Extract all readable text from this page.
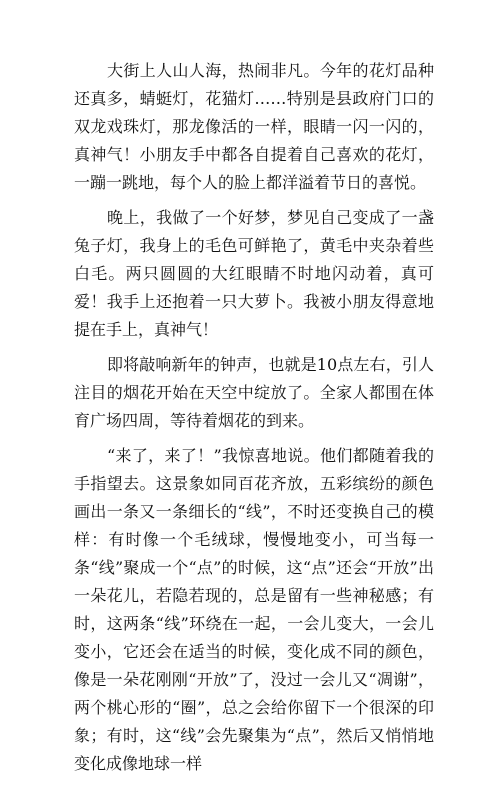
大街上人山人海，热闹非凡。今年的花灯品种还真多，蜻蜓灯，花猫灯……特别是县政府门口的双龙戏珠灯，那龙像活的一样，眼睛一闪一闪的，真神气！小朋友手中都各自提着自己喜欢的花灯，一蹦一跳地，每个人的脸上都洋溢着节日的喜悦。

晚上，我做了一个好梦，梦见自己变成了一盏兔子灯，我身上的毛色可鲜艳了，黄毛中夹杂着些白毛。两只圆圆的大红眼睛不时地闪动着，真可爱！我手上还抱着一只大萝卜。我被小朋友得意地提在手上，真神气！

即将敲响新年的钟声，也就是10点左右，引人注目的烟花开始在天空中绽放了。全家人都围在体育广场四周，等待着烟花的到来。

“来了，来了！”我惊喜地说。他们都随着我的手指望去。这景象如同百花齐放，五彩缤纷的颜色画出一条又一条细长的“线”，不时还变换自己的模样：有时像一个毛绒球，慢慢地变小，可当每一条“线”聚成一个“点”的时候，这“点”还会“开放”出一朵花儿，若隐若现的，总是留有一些神秘感；有时，这两条“线”环绕在一起，一会儿变大，一会儿变小，它还会在适当的时候，变化成不同的颜色，像是一朵花刚刚“开放”了，没过一会儿又“凋谢”，两个桃心形的“圈”，总之会给你留下一个很深的印象；有时，这“线”会先聚集为“点”，然后又悄悄地变化成像地球一样
